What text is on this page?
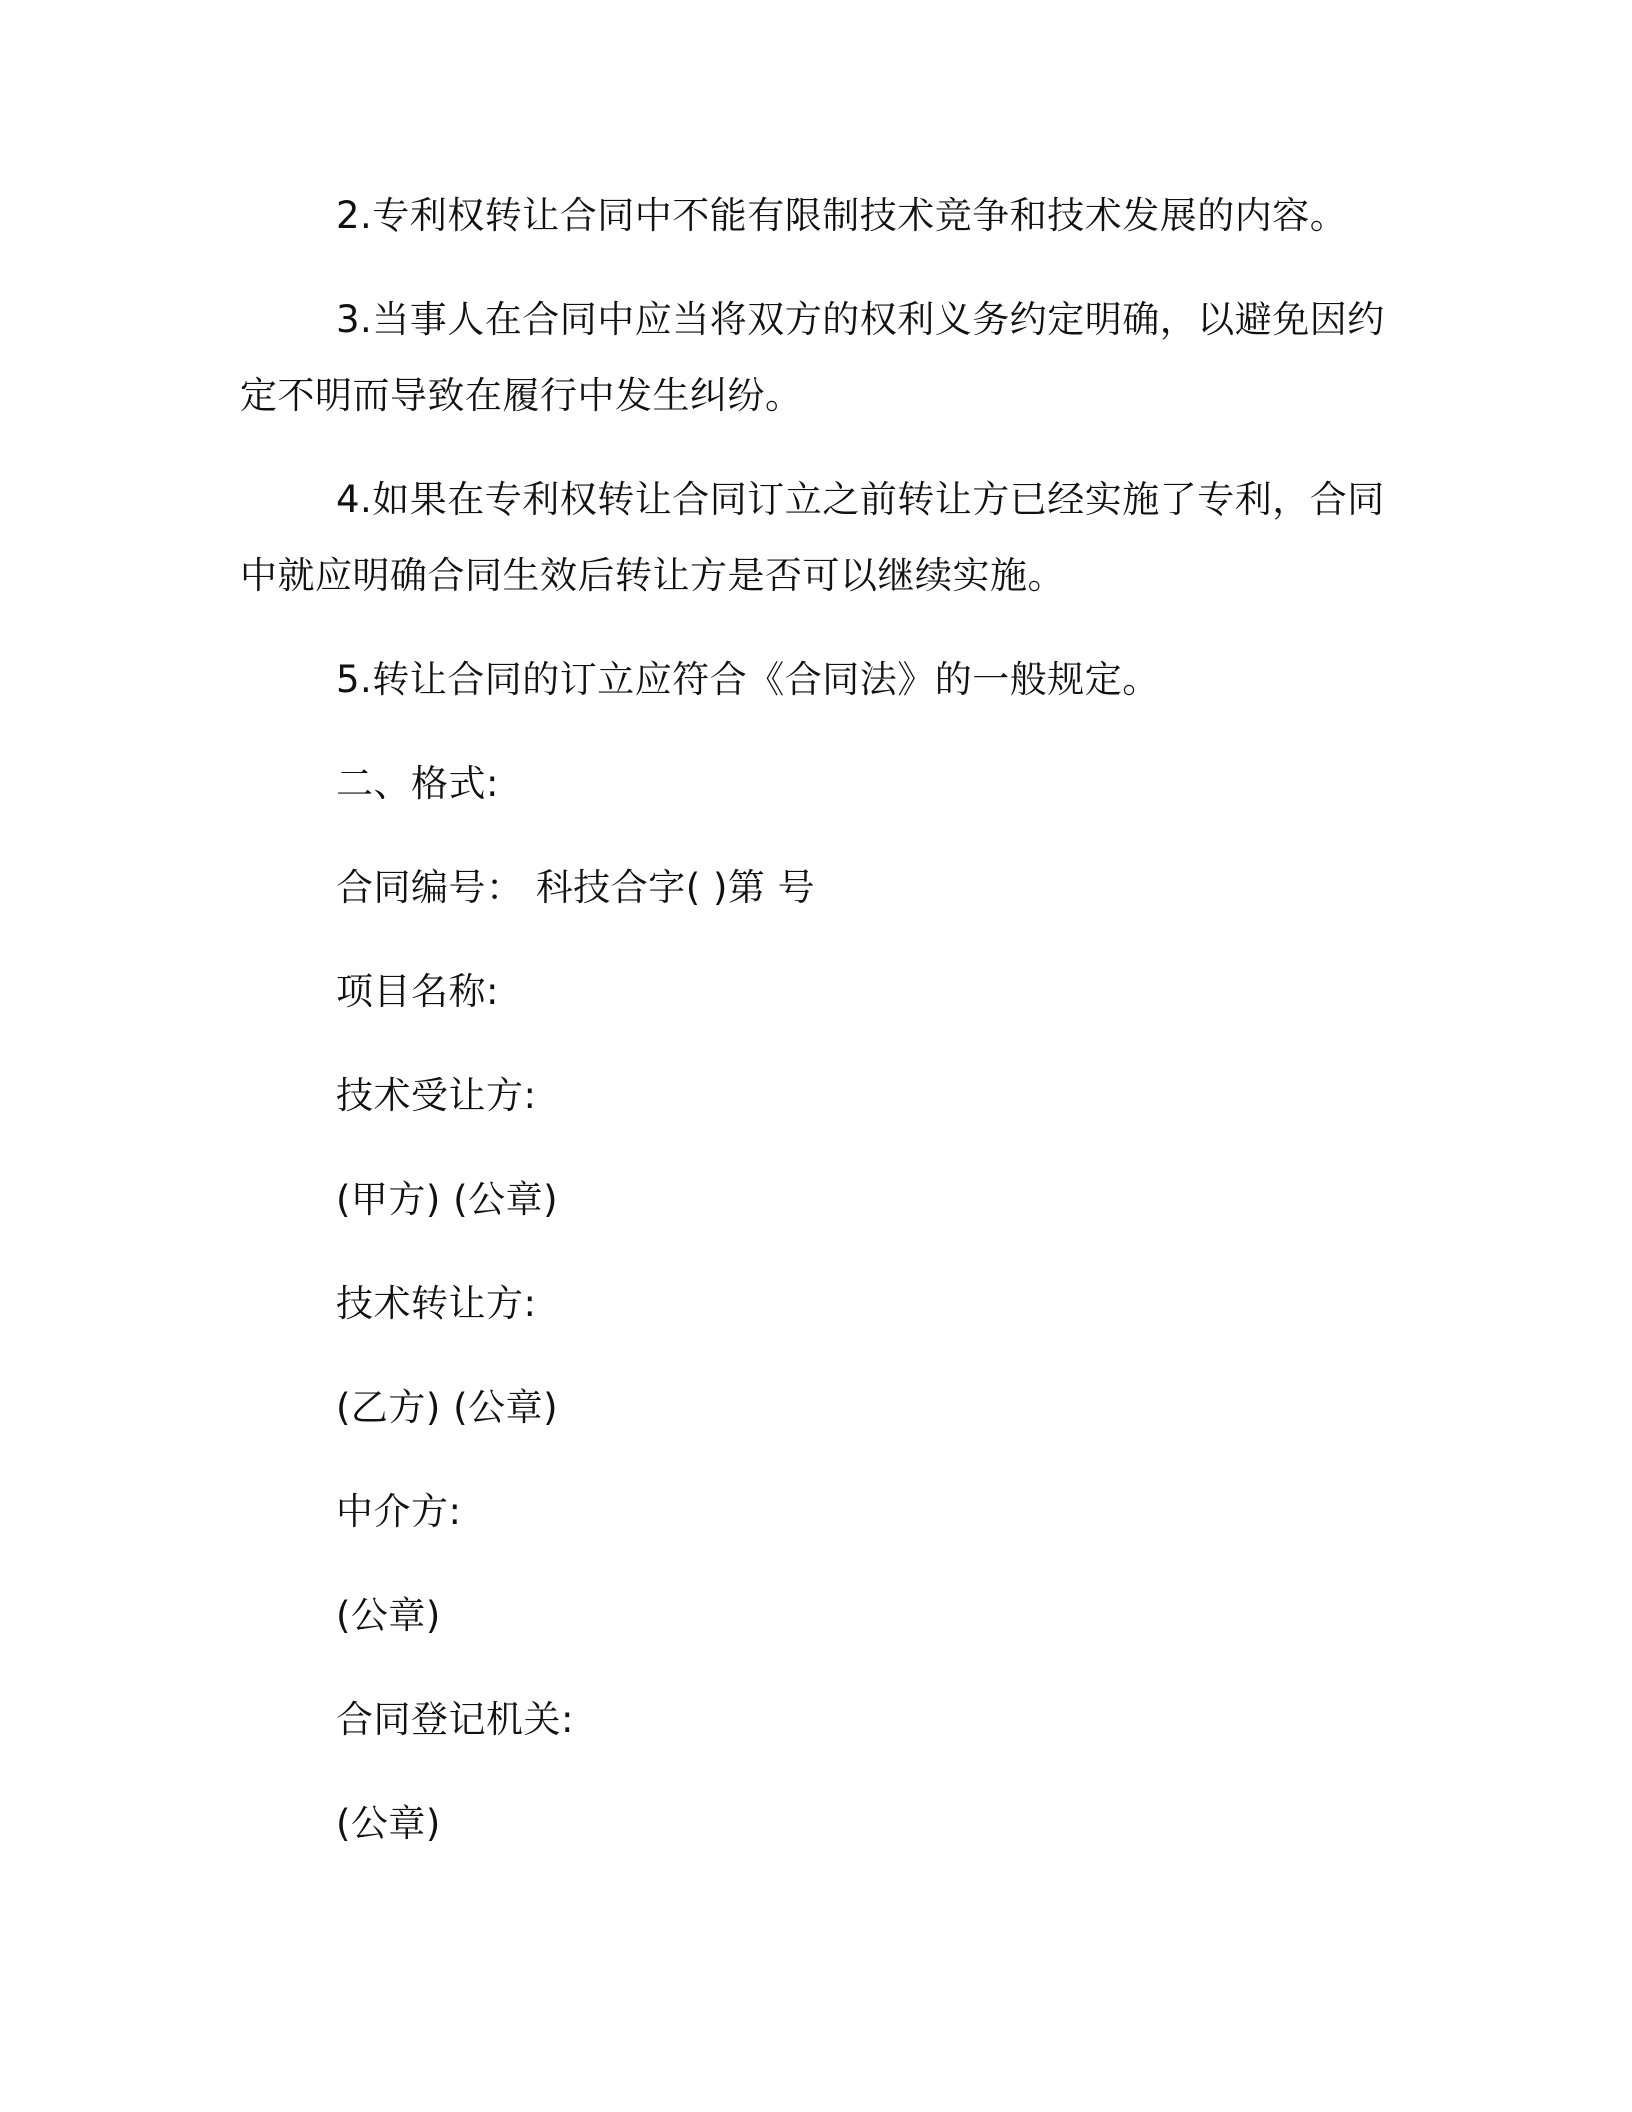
2.专利权转让合同中不能有限制技术竞争和技术发展的内容。

3.当事人在合同中应当将双方的权利义务约定明确，以避免因约

定不明而导致在履行中发生纠纷。

4.如果在专利权转让合同订立之前转让方已经实施了专利，合同

中就应明确合同生效后转让方是否可以继续实施。

5.转让合同的订立应符合《合同法》的一般规定。

二、格式:

合同编号： 科技合字( )第 号

项目名称:

技术受让方:

(甲方) (公章)

技术转让方:

(乙方) (公章)

中介方:

(公章)

合同登记机关:

(公章)
